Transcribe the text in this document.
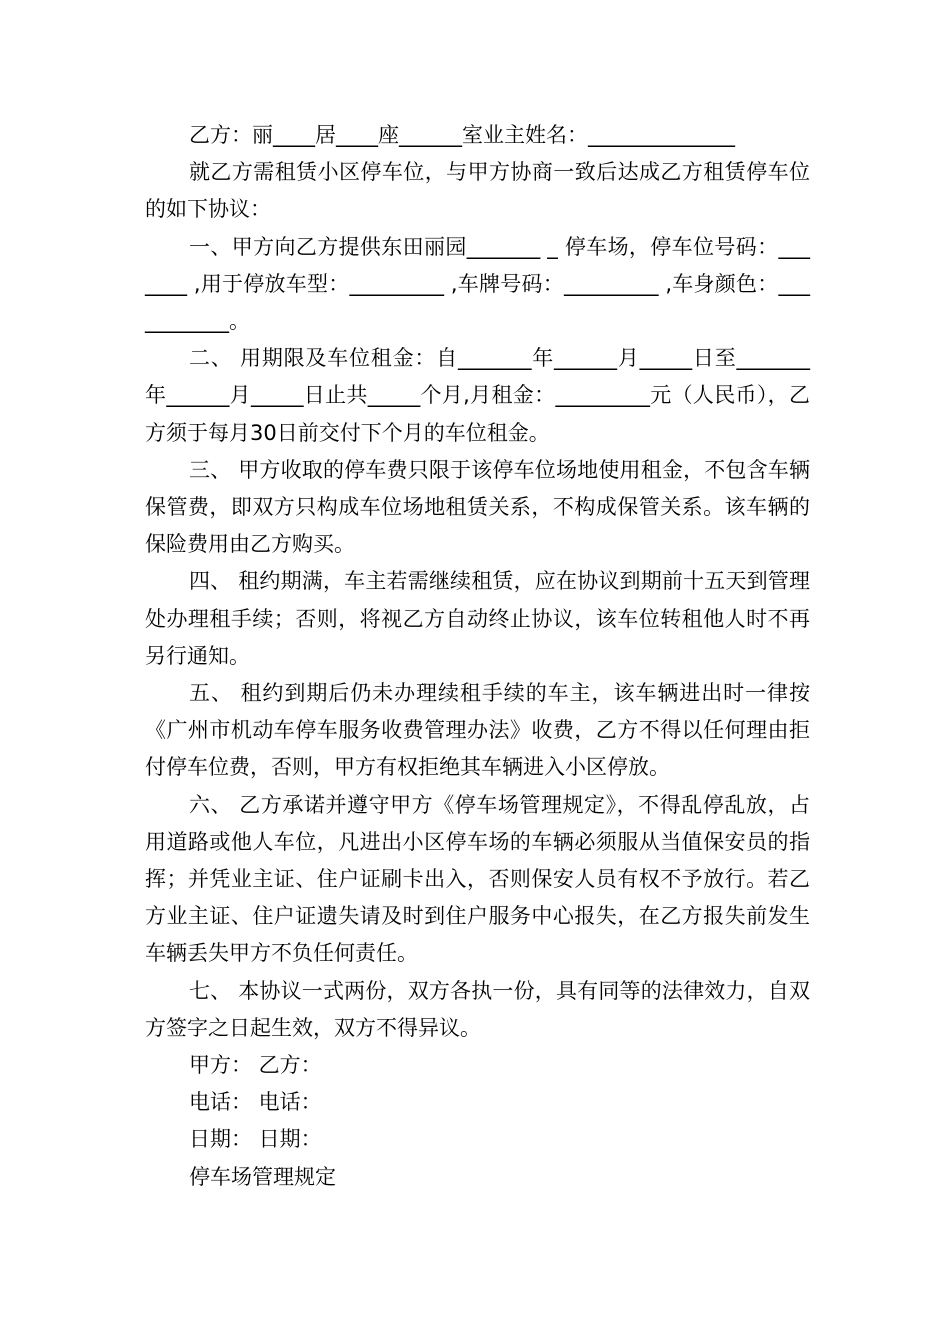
乙方：丽____居____座______室业主姓名：______________

就乙方需租赁小区停车位，与甲方协商一致后达成乙方租赁停车位的如下协议：

一、甲方向乙方提供东田丽园_______ _ 停车场，停车位号码：_______ ,用于停放车型：_________ ,车牌号码：_________ ,车身颜色：___________。

二、 用期限及车位租金：自_______年______月_____日至_______年______月_____日止共_____个月,月租金：_________元（人民币），乙方须于每月30日前交付下个月的车位租金。

三、 甲方收取的停车费只限于该停车位场地使用租金，不包含车辆保管费，即双方只构成车位场地租赁关系，不构成保管关系。该车辆的保险费用由乙方购买。

四、 租约期满，车主若需继续租赁，应在协议到期前十五天到管理处办理租手续；否则，将视乙方自动终止协议，该车位转租他人时不再另行通知。

五、 租约到期后仍未办理续租手续的车主，该车辆进出时一律按《广州市机动车停车服务收费管理办法》收费，乙方不得以任何理由拒付停车位费，否则，甲方有权拒绝其车辆进入小区停放。

六、 乙方承诺并遵守甲方《停车场管理规定》，不得乱停乱放，占用道路或他人车位，凡进出小区停车场的车辆必须服从当值保安员的指挥；并凭业主证、住户证刷卡出入，否则保安人员有权不予放行。若乙方业主证、住户证遗失请及时到住户服务中心报失，在乙方报失前发生车辆丢失甲方不负任何责任。

七、 本协议一式两份，双方各执一份，具有同等的法律效力，自双方签字之日起生效，双方不得异议。

甲方： 乙方：

电话： 电话：

日期： 日期：

停车场管理规定
